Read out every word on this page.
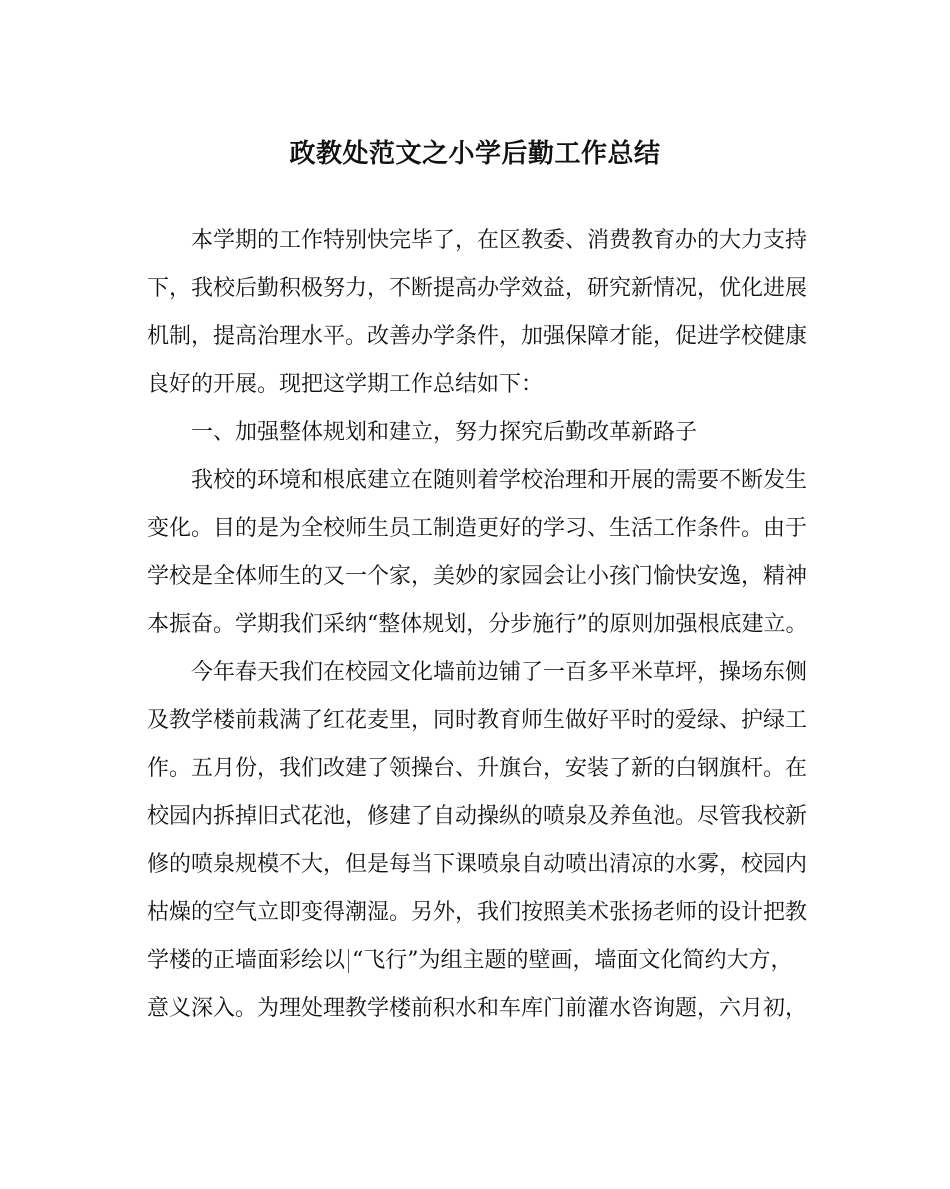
政教处范文之小学后勤工作总结

本学期的工作特别快完毕了，在区教委、消费教育办的大力支持

下，我校后勤积极努力，不断提高办学效益，研究新情况，优化进展

机制，提高治理水平。改善办学条件，加强保障才能，促进学校健康

良好的开展。现把这学期工作总结如下：

一、加强整体规划和建立，努力探究后勤改革新路子

我校的环境和根底建立在随则着学校治理和开展的需要不断发生

变化。目的是为全校师生员工制造更好的学习、生活工作条件。由于

学校是全体师生的又一个家，美妙的家园会让小孩门愉快安逸，精神

本振奋。学期我们采纳“整体规划，分步施行”的原则加强根底建立。

今年春天我们在校园文化墙前边铺了一百多平米草坪，操场东侧

及教学楼前栽满了红花麦里，同时教育师生做好平时的爱绿、护绿工

作。五月份，我们改建了领操台、升旗台，安装了新的白钢旗杆。在

校园内拆掉旧式花池，修建了自动操纵的喷泉及养鱼池。尽管我校新

修的喷泉规模不大，但是每当下课喷泉自动喷出清凉的水雾，校园内

枯燥的空气立即变得潮湿。另外，我们按照美术张扬老师的设计把教

学楼的正墙面彩绘以 “飞行”为组主题的壁画，墙面文化简约大方，

意义深入。为理处理教学楼前积水和车库门前灌水咨询题，六月初，
